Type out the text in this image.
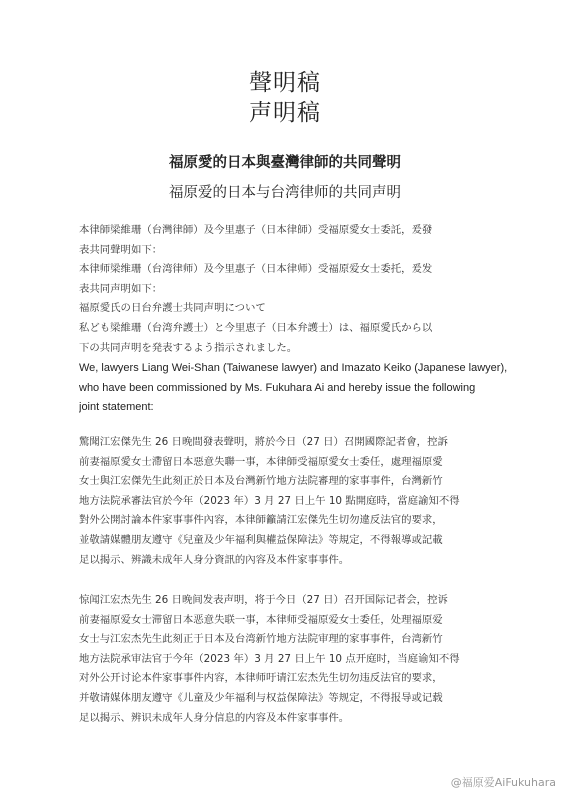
聲明稿
声明稿
福原愛的日本與臺灣律師的共同聲明
福原爱的日本与台湾律师的共同声明
本律師梁維珊（台灣律師）及今里惠子（日本律師）受福原愛女士委託，爰發
表共同聲明如下：
本律师梁维珊（台湾律师）及今里惠子（日本律师）受福原爱女士委托，爰发
表共同声明如下：
福原愛氏の日台弁護士共同声明について
私ども梁維珊（台湾弁護士）と今里恵子（日本弁護士）は、福原愛氏から以
下の共同声明を発表するよう指示されました。
We, lawyers Liang Wei-Shan (Taiwanese lawyer) and Imazato Keiko (Japanese lawyer),
who have been commissioned by Ms. Fukuhara Ai and hereby issue the following
joint statement:
驚聞江宏傑先生 26 日晚間發表聲明，將於今日（27 日）召開國際記者會，控訴
前妻福原愛女士滯留日本惡意失聯一事，本律師受福原愛女士委任，處理福原愛
女士與江宏傑先生此刻正於日本及台灣新竹地方法院審理的家事事件，台灣新竹
地方法院承審法官於今年（2023 年）3 月 27 日上午 10 點開庭時，當庭諭知不得
對外公開討論本件家事事件內容，本律師籲請江宏傑先生切勿違反法官的要求，
並敬請媒體朋友遵守《兒童及少年福利與權益保障法》等規定，不得報導或記載
足以揭示、辨識未成年人身分資訊的內容及本件家事事件。
惊闻江宏杰先生 26 日晚间发表声明，将于今日（27 日）召开国际记者会，控诉
前妻福原爱女士滞留日本恶意失联一事，本律师受福原爱女士委任，处理福原爱
女士与江宏杰先生此刻正于日本及台湾新竹地方法院审理的家事事件，台湾新竹
地方法院承审法官于今年（2023 年）3 月 27 日上午 10 点开庭时，当庭谕知不得
对外公开讨论本件家事事件内容，本律师吁请江宏杰先生切勿违反法官的要求，
并敬请媒体朋友遵守《儿童及少年福利与权益保障法》等规定，不得报导或记载
足以揭示、辨识未成年人身分信息的内容及本件家事事件。
@福原爱AiFukuhara
